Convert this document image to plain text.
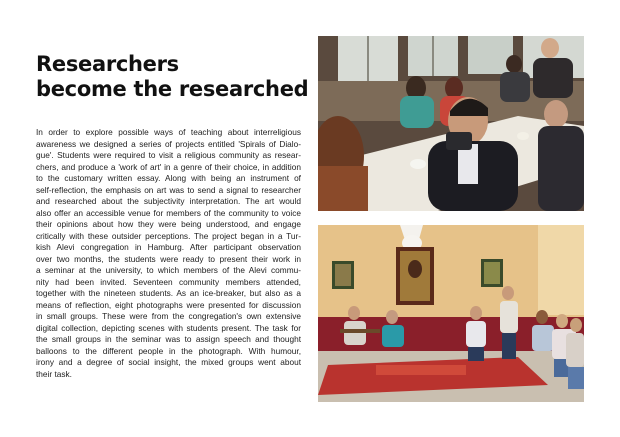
Researchers
become the researched
In order to explore possible ways of teaching about interreligious
awareness we designed a series of projects entitled 'Spirals of Dialo-
gue'. Students were required to visit a religious community as resear-
chers, and produce a 'work of art' in a genre of their choice, in addition
to the customary written essay. Along with being an instrument of
self-reflection, the emphasis on art was to send a signal to researcher
and researched about the subjectivity interpretation. The art would
also offer an accessible venue for members of the community to voice
their opinions about how they were being understood, and engage
critically with these outsider perceptions. The project began in a Tur-
kish Alevi congregation in Hamburg. After participant observation
over two months, the students were ready to present their work in
a seminar at the university, to which members of the Alevi commu-
nity had been invited. Seventeen community members attended,
together with the nineteen students. As an ice-breaker, but also as a
means of reflection, eight photographs were presented for discussion
in small groups. These were from the congregation's own extensive
digital collection, depicting scenes with students present. The task for
the small groups in the seminar was to assign speech and thought
balloons to the different people in the photograph. With humour,
irony and a degree of social insight, the mixed groups went about
their task.
